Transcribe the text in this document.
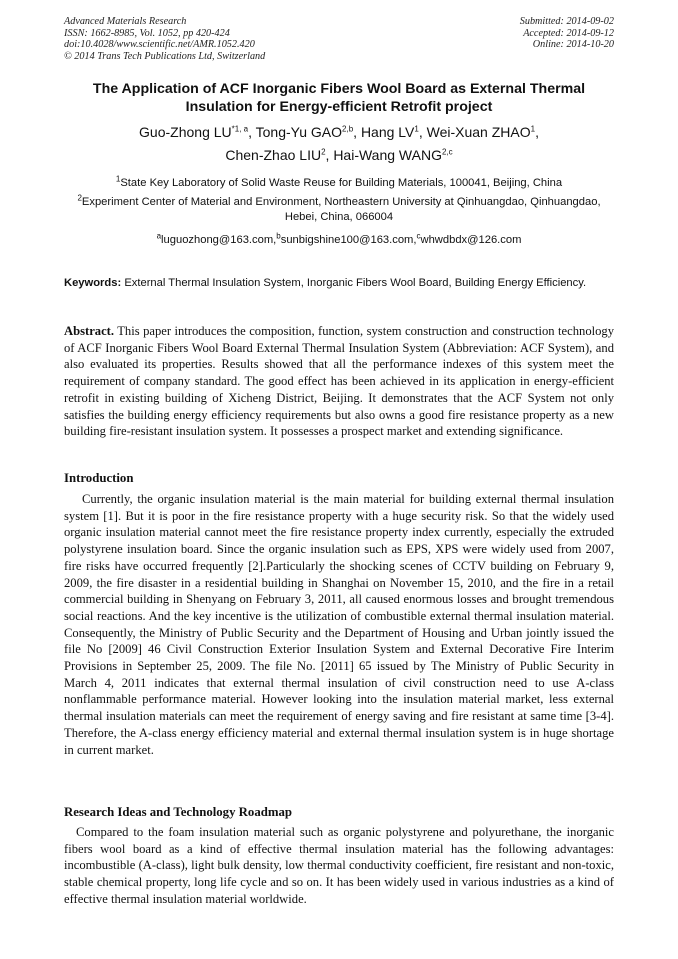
Advanced Materials Research
ISSN: 1662-8985, Vol. 1052, pp 420-424
doi:10.4028/www.scientific.net/AMR.1052.420
© 2014 Trans Tech Publications Ltd, Switzerland
Submitted: 2014-09-02
Accepted: 2014-09-12
Online: 2014-10-20
The Application of ACF Inorganic Fibers Wool Board as External Thermal Insulation for Energy-efficient Retrofit project
Guo-Zhong LU$^{*1, a}$, Tong-Yu GAO$^{2,b}$, Hang $LV^1$, Wei-Xuan ZHAO$^1$,
Chen-Zhao LIU$^2$, Hai-Wang WANG$^{2,c}$
$^1$State Key Laboratory of Solid Waste Reuse for Building Materials, 100041, Beijing, China
$^2$Experiment Center of Material and Environment, Northeastern University at Qinhuangdao, Qinhuangdao, Hebei, China, 066004
$^a$luguozhong@163.com,$^b$sunbigshine100@163.com,$^c$whwdbdx@126.com
Keywords: External Thermal Insulation System, Inorganic Fibers Wool Board, Building Energy Efficiency.
Abstract. This paper introduces the composition, function, system construction and construction technology of ACF Inorganic Fibers Wool Board External Thermal Insulation System (Abbreviation: ACF System), and also evaluated its properties. Results showed that all the performance indexes of this system meet the requirement of company standard. The good effect has been achieved in its application in energy-efficient retrofit in existing building of Xicheng District, Beijing. It demonstrates that the ACF System not only satisfies the building energy efficiency requirements but also owns a good fire resistance property as a new building fire-resistant insulation system. It possesses a prospect market and extending significance.
Introduction
Currently, the organic insulation material is the main material for building external thermal insulation system [1]. But it is poor in the fire resistance property with a huge security risk. So that the widely used organic insulation material cannot meet the fire resistance property index currently, especially the extruded polystyrene insulation board. Since the organic insulation such as EPS, XPS were widely used from 2007, fire risks have occurred frequently [2].Particularly the shocking scenes of CCTV building on February 9, 2009, the fire disaster in a residential building in Shanghai on November 15, 2010, and the fire in a retail commercial building in Shenyang on February 3, 2011, all caused enormous losses and brought tremendous social reactions. And the key incentive is the utilization of combustible external thermal insulation material. Consequently, the Ministry of Public Security and the Department of Housing and Urban jointly issued the file No [2009] 46 Civil Construction Exterior Insulation System and External Decorative Fire Interim Provisions in September 25, 2009. The file No. [2011] 65 issued by The Ministry of Public Security in March 4, 2011 indicates that external thermal insulation of civil construction need to use A-class nonflammable performance material. However looking into the insulation material market, less external thermal insulation materials can meet the requirement of energy saving and fire resistant at same time [3-4]. Therefore, the A-class energy efficiency material and external thermal insulation system is in huge shortage in current market.
Research Ideas and Technology Roadmap
Compared to the foam insulation material such as organic polystyrene and polyurethane, the inorganic fibers wool board as a kind of effective thermal insulation material has the following advantages: incombustible (A-class), light bulk density, low thermal conductivity coefficient, fire resistant and non-toxic, stable chemical property, long life cycle and so on. It has been widely used in various industries as a kind of effective thermal insulation material worldwide.
